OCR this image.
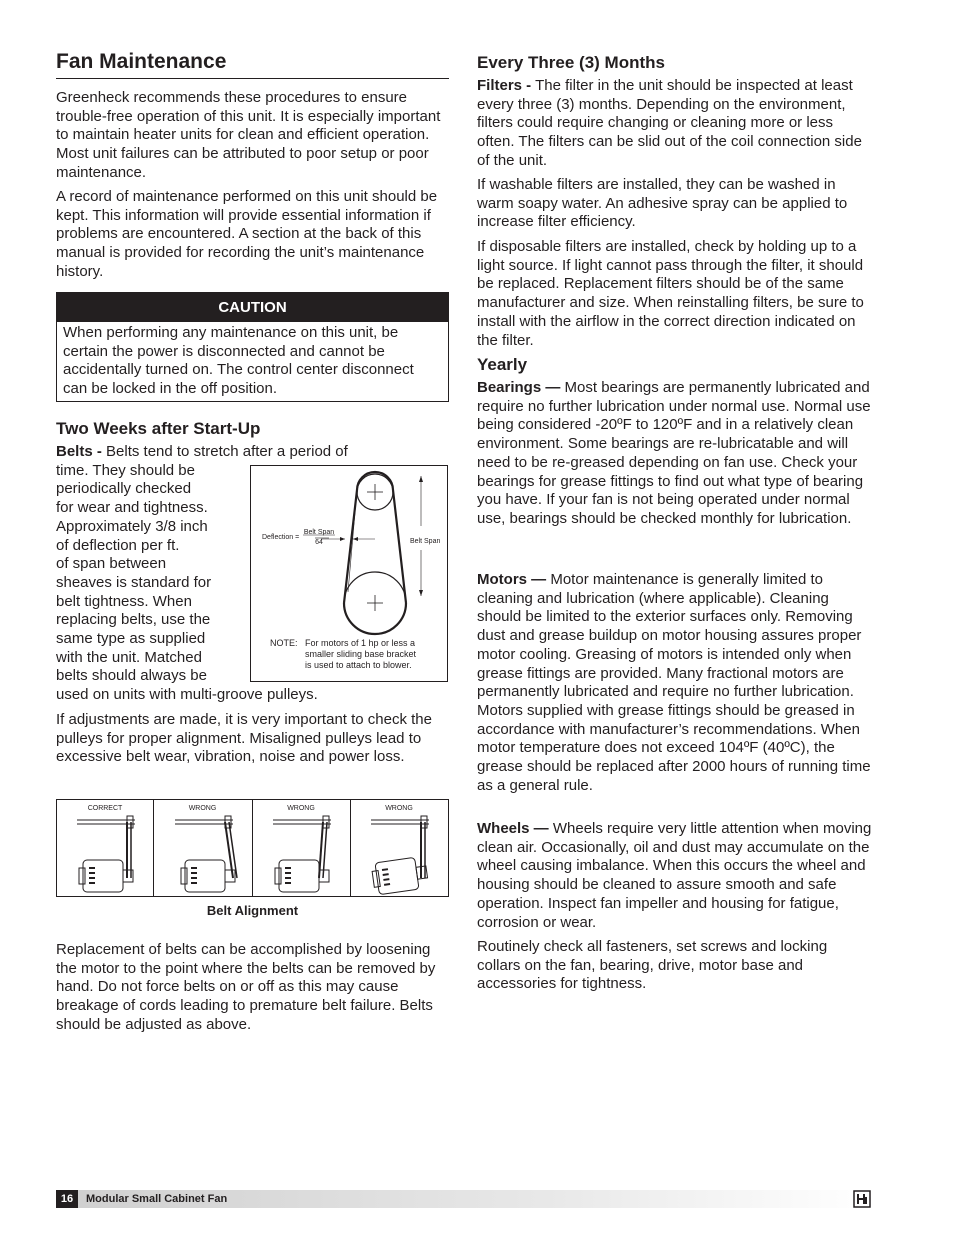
Fan Maintenance

Greenheck recommends these procedures to ensure trouble-free operation of this unit. It is especially important to maintain heater units for clean and efficient operation. Most unit failures can be attributed to poor setup or poor maintenance.

A record of maintenance performed on this unit should be kept. This information will provide essential information if problems are encountered. A section at the back of this manual is provided for recording the unit’s maintenance history.

CAUTION
When performing any maintenance on this unit, be certain the power is disconnected and cannot be accidentally turned on. The control center disconnect can be locked in the off position.
Two Weeks after Start-Up
Belts - Belts tend to stretch after a period of
time. They should be
periodically checked
for wear and tightness.
Approximately 3/8 inch
of deflection per ft.
of span between
sheaves is standard for
belt tightness. When
replacing belts, use the
same type as supplied
with the unit. Matched
belts should always be
used on units with multi-groove pulleys.
Deflection =
Belt Span
64	Belt Span
NOTE: For motors of 1 hp or less a
smaller sliding base bracket
is used to attach to blower.

If adjustments are made, it is very important to check the pulleys for proper alignment. Misaligned pulleys lead to excessive belt wear, vibration, noise and power loss.

CORRECT	WRONG	WRONG	WRONG
Belt Alignment

Replacement of belts can be accomplished by loosening the motor to the point where the belts can be removed by hand. Do not force belts on or off as this may cause breakage of cords leading to premature belt failure. Belts should be adjusted as above.

Every Three (3) Months

Filters - The filter in the unit should be inspected at least every three (3) months. Depending on the environment, filters could require changing or cleaning more or less often. The filters can be slid out of the coil connection side of the unit.

If washable filters are installed, they can be washed in warm soapy water. An adhesive spray can be applied to increase filter efficiency.

If disposable filters are installed, check by holding up to a light source. If light cannot pass through the filter, it should be replaced. Replacement filters should be of the same manufacturer and size. When reinstalling filters, be sure to install with the airflow in the correct direction indicated on the filter.

Yearly

Bearings — Most bearings are permanently lubricated and require no further lubrication under normal use. Normal use being considered -20ºF to 120ºF and in a relatively clean environment. Some bearings are re-lubricatable and will need to be re-greased depending on fan use. Check your bearings for grease fittings to find out what type of bearing you have. If your fan is not being operated under normal use, bearings should be checked monthly for lubrication.

Motors — Motor maintenance is generally limited to cleaning and lubrication (where applicable). Cleaning should be limited to the exterior surfaces only. Removing dust and grease buildup on motor housing assures proper motor cooling. Greasing of motors is intended only when grease fittings are provided. Many fractional motors are permanently lubricated and require no further lubrication. Motors supplied with grease fittings should be greased in accordance with manufacturer’s recommendations. When motor temperature does not exceed 104ºF (40ºC), the grease should be replaced after 2000 hours of running time as a general rule.

Wheels — Wheels require very little attention when moving clean air. Occasionally, oil and dust may accumulate on the wheel causing imbalance. When this occurs the wheel and housing should be cleaned to assure smooth and safe operation. Inspect fan impeller and housing for fatigue, corrosion or wear.

Routinely check all fasteners, set screws and locking collars on the fan, bearing, drive, motor base and accessories for tightness.

16	Modular Small Cabinet Fan
